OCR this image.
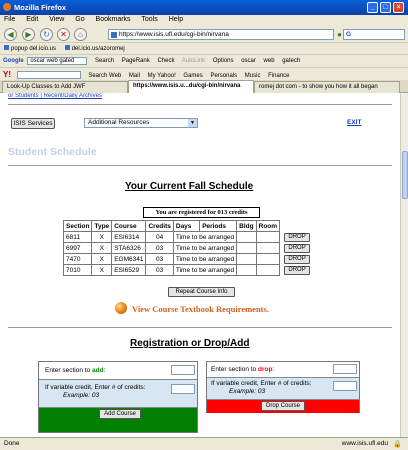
Mozilla Firefox	_	□	×
File Edit View Go Bookmarks Tools Help
◀	▶	↻	✕	⌂	https://www.isis.ufl.edu/cgi-bin/nirvana	● G
popup del.icio.us	del.icio.us/azoromej
Google oscar web gated	Search PageRank Check AutoLink Options oscar web gatech
Y!	Search Web Mail My Yahoo! Games Personals Music Finance
Look-Up Classes to Add JWF	https://www.isis.u...du/cgi-bin/nirvana	romej dot com - to show you how it all began
or Students | Recent/Daily Archives
ISIS Services	Additional Resources	▼	EXIT
Student Schedule
Your Current Fall Schedule
You are registered for 013 credits
Section	Type	Course	Credits	Days	Periods	Bldg	Room	
6811	X	ESI6314	04	Time to be arranged				DROP

6997	X	STA6326	03	Time to be arranged				DROP

7470	X	EGM6341	03	Time to be arranged				DROP

7010	X	ESI6529	03	Time to be arranged				DROP
Repeat Course Info
View Course Textbook Requirements.
Registration or Drop/Add
Enter section to add:
If variable credit, Enter # of credits:
Example: 03
Add Course
Enter section to drop:
If variable credit, Enter # of credits:
Example: 03
Drop Course
Done	www.isis.ufl.edu 🔒
